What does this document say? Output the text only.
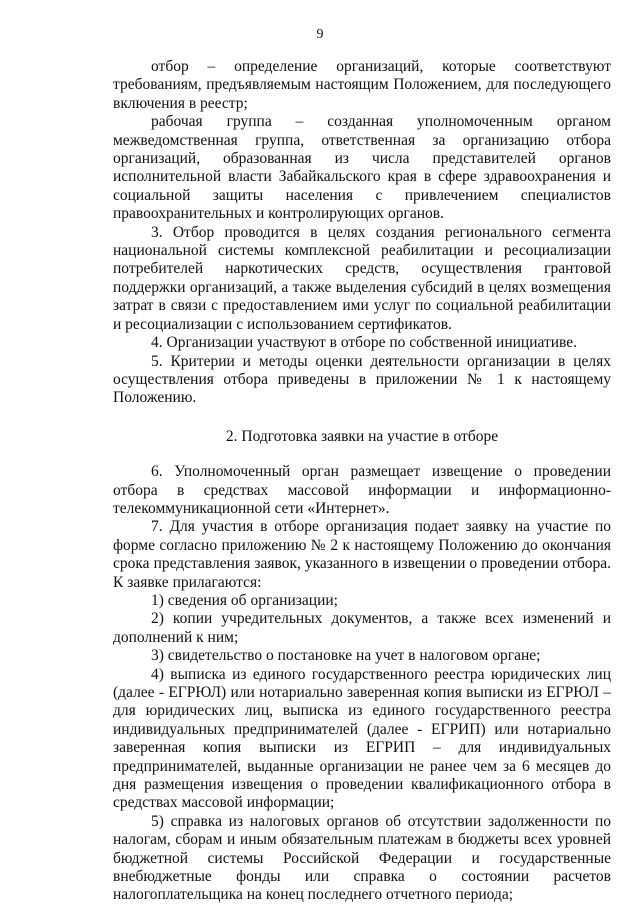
9

отбор – определение организаций, которые соответствуют требованиям, предъявляемым настоящим Положением, для последующего включения в реестр;

рабочая группа – созданная уполномоченным органом межведомственная группа, ответственная за организацию отбора организаций, образованная из числа представителей органов исполнительной власти Забайкальского края в сфере здравоохранения и социальной защиты населения с привлечением специалистов правоохранительных и контролирующих органов.

3. Отбор проводится в целях создания регионального сегмента национальной системы комплексной реабилитации и ресоциализации потребителей наркотических средств, осуществления грантовой поддержки организаций, а также выделения субсидий в целях возмещения затрат в связи с предоставлением ими услуг по социальной реабилитации и ресоциализации с использованием сертификатов.

4. Организации участвуют в отборе по собственной инициативе.

5. Критерии и методы оценки деятельности организации в целях осуществления отбора приведены в приложении № 1 к настоящему Положению.

2. Подготовка заявки на участие в отборе

6. Уполномоченный орган размещает извещение о проведении отбора в средствах массовой информации и информационно-телекоммуникационной сети «Интернет».

7. Для участия в отборе организация подает заявку на участие по форме согласно приложению № 2 к настоящему Положению до окончания срока представления заявок, указанного в извещении о проведении отбора. К заявке прилагаются:

1) сведения об организации;

2) копии учредительных документов, а также всех изменений и дополнений к ним;

3) свидетельство о постановке на учет в налоговом органе;

4) выписка из единого государственного реестра юридических лиц (далее - ЕГРЮЛ) или нотариально заверенная копия выписки из ЕГРЮЛ – для юридических лиц, выписка из единого государственного реестра индивидуальных предпринимателей (далее - ЕГРИП) или нотариально заверенная копия выписки из ЕГРИП – для индивидуальных предпринимателей, выданные организации не ранее чем за 6 месяцев до дня размещения извещения о проведении квалификационного отбора в средствах массовой информации;

5) справка из налоговых органов об отсутствии задолженности по налогам, сборам и иным обязательным платежам в бюджеты всех уровней бюджетной системы Российской Федерации и государственные внебюджетные фонды или справка о состоянии расчетов налогоплательщика на конец последнего отчетного периода;
